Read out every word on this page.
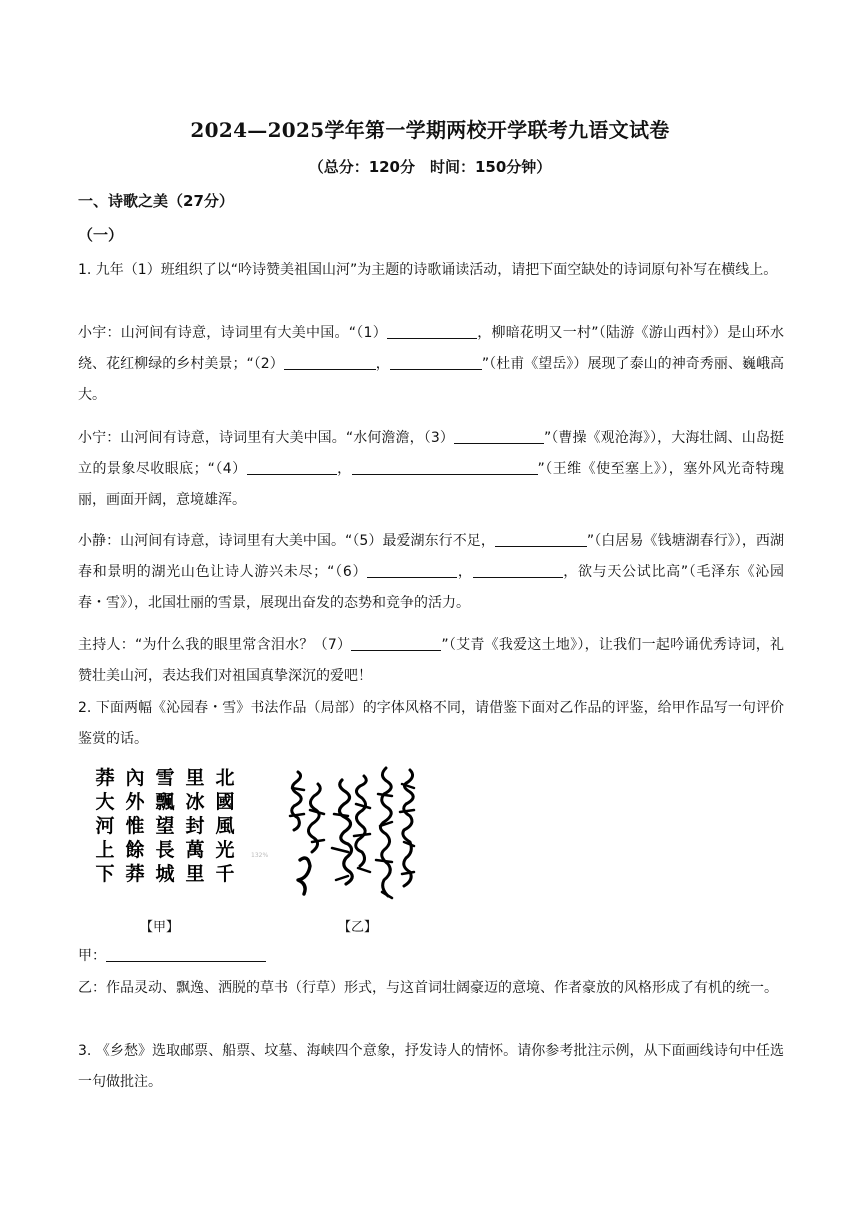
2024—2025学年第一学期两校开学联考九语文试卷
（总分：120分　时间：150分钟）
一、诗歌之美（27分）
（一）
1. 九年（1）班组织了以“吟诗赞美祖国山河”为主题的诗歌诵读活动，请把下面空缺处的诗词原句补写在横线上。
小宇：山河间有诗意，诗词里有大美中国。“（1）	，柳暗花明又一村”（陆游《游山西村》）是山环水绕、花红柳绿的乡村美景；“（2）	，	”（杜甫《望岳》）展现了泰山的神奇秀丽、巍峨高大。
小宁：山河间有诗意，诗词里有大美中国。“水何澹澹，（3）	”（曹操《观沧海》），大海壮阔、山岛挺立的景象尽收眼底；“（4）	，	”（王维《使至塞上》），塞外风光奇特瑰丽，画面开阔，意境雄浑。
小静：山河间有诗意，诗词里有大美中国。“（5）最爱湖东行不足，	”（白居易《钱塘湖春行》），西湖春和景明的湖光山色让诗人游兴未尽；“（6）	，	，欲与天公试比高”（毛泽东《沁园春・雪》），北国壮丽的雪景，展现出奋发的态势和竞争的活力。
主持人：“为什么我的眼里常含泪水？（7）	”（艾青《我爱这土地》），让我们一起吟诵优秀诗词，礼赞壮美山河，表达我们对祖国真挚深沉的爱吧！
2. 下面两幅《沁园春・雪》书法作品（局部）的字体风格不同，请借鉴下面对乙作品的评鉴，给甲作品写一句评价鉴赏的话。
北
國
風
光
千
里
冰
封
萬
里
雪
飄
望
長
城
內
外
惟
餘
莽
莽
大
河
上
下
132%
【甲】	【乙】
甲：
乙：作品灵动、飘逸、洒脱的草书（行草）形式，与这首词壮阔豪迈的意境、作者豪放的风格形成了有机的统一。
3. 《乡愁》选取邮票、船票、坟墓、海峡四个意象，抒发诗人的情怀。请你参考批注示例，从下面画线诗句中任选一句做批注。
